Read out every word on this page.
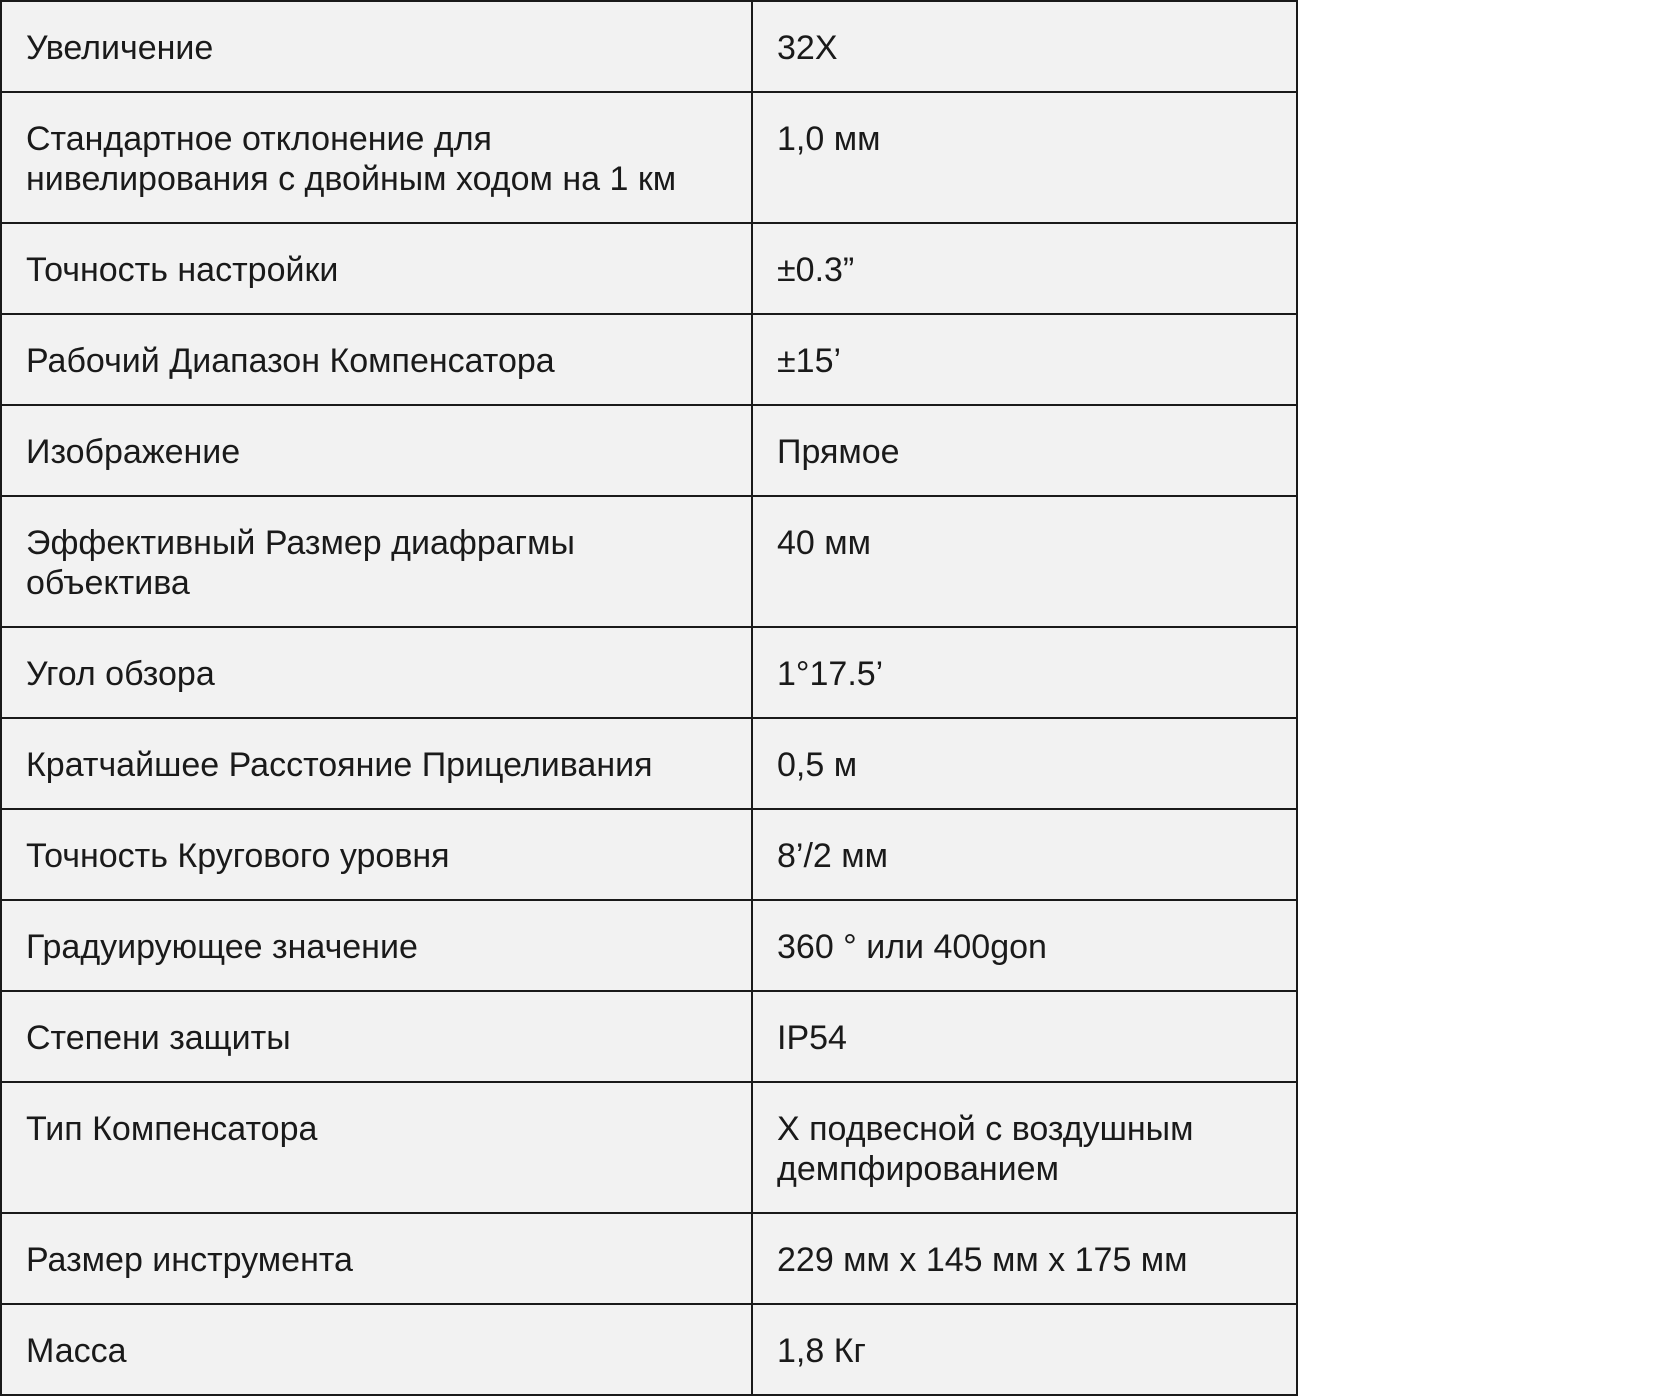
Увеличение	32X

Стандартное отклонение для нивелирования с двойным ходом на 1 км	1,0 мм

Точность настройки	±0.3”

Рабочий Диапазон Компенсатора	±15’

Изображение	Прямое

Эффективный Размер диафрагмы объектива	40 мм

Угол обзора	1°17.5’

Кратчайшее Расстояние Прицеливания	0,5 м

Точность Кругового уровня	8’/2 мм

Градуирующее значение	360 ° или 400gon

Степени защиты	IP54

Тип Компенсатора	X подвесной с воздушным демпфированием

Размер инструмента	229 мм x 145 мм x 175 мм

Масса	1,8 Кг
